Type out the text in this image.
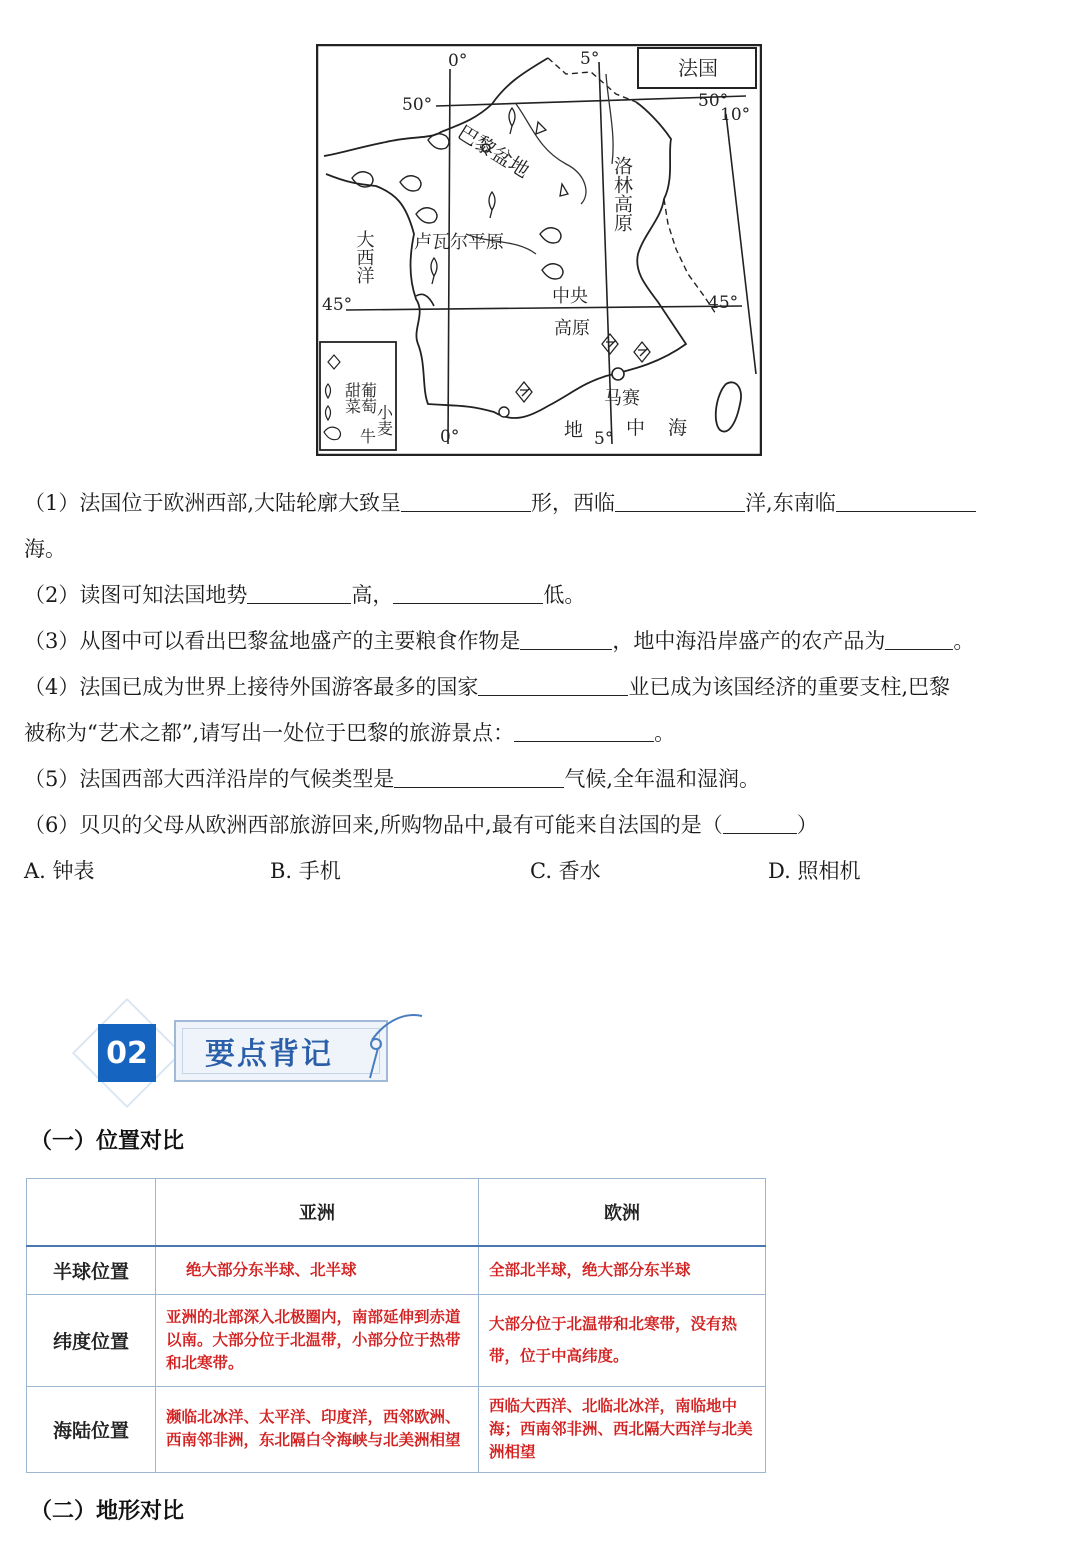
法国
葡萄
甜菜
小麦
牛
0°	5°
50°	50°
10°
45°	45°
0°	5°
巴黎盆地
洛林高原
卢瓦尔平原
大西洋
中央
高原
马赛
地 中 海
（1）法国位于欧洲西部,大陆轮廓大致呈	形，西临	洋,东南临
海。
（2）读图可知法国地势	高，	低。
（3）从图中可以看出巴黎盆地盛产的主要粮食作物是	，地中海沿岸盛产的农产品为	。
（4）法国已成为世界上接待外国游客最多的国家	业已成为该国经济的重要支柱,巴黎
被称为“艺术之都”,请写出一处位于巴黎的旅游景点：	。
（5）法国西部大西洋沿岸的气候类型是	气候,全年温和湿润。
（6）贝贝的父母从欧洲西部旅游回来,所购物品中,最有可能来自法国的是（	）
A. 钟表	B. 手机	C. 香水	D. 照相机
02	要点背记
（一）位置对比
	亚洲	欧洲
半球位置	绝大部分东半球、北半球	全部北半球，绝大部分东半球
纬度位置	亚洲的北部深入北极圈内，南部延伸到赤道以南。大部分位于北温带，小部分位于热带和北寒带。	大部分位于北温带和北寒带，没有热带，位于中高纬度。
海陆位置	濒临北冰洋、太平洋、印度洋，西邻欧洲、西南邻非洲，东北隔白令海峡与北美洲相望	西临大西洋、北临北冰洋，南临地中海；西南邻非洲、西北隔大西洋与北美洲相望
（二）地形对比
